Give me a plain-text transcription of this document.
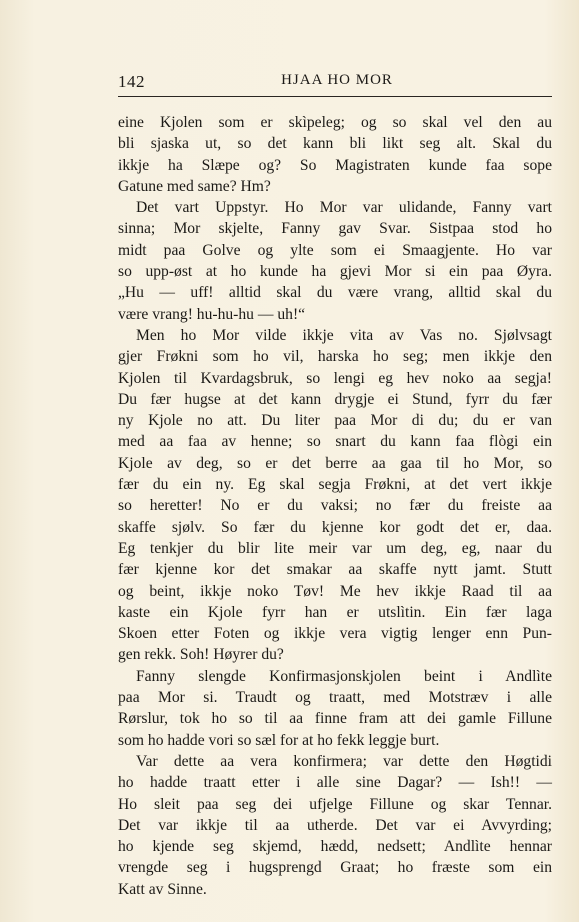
142	HJAA HO MOR
eine Kjolen som er skìpeleg; og so skal vel den au
bli sjaska ut, so det kann bli likt seg alt. Skal du
ikkje ha Slæpe og? So Magistraten kunde faa sope
Gatune med same? Hm?
Det vart Uppstyr. Ho Mor var ulidande, Fanny vart
sinna; Mor skjelte, Fanny gav Svar. Sistpaa stod ho
midt paa Golve og ylte som ei Smaagjente. Ho var
so upp-øst at ho kunde ha gjevi Mor si ein paa Øyra.
„Hu — uff! alltid skal du være vrang, alltid skal du
være vrang! hu-hu-hu — uh!“
Men ho Mor vilde ikkje vita av Vas no. Sjølvsagt
gjer Frøkni som ho vil, harska ho seg; men ikkje den
Kjolen til Kvardagsbruk, so lengi eg hev noko aa segja!
Du fær hugse at det kann drygje ei Stund, fyrr du fær
ny Kjole no att. Du liter paa Mor di du; du er van
med aa faa av henne; so snart du kann faa flògi ein
Kjole av deg, so er det berre aa gaa til ho Mor, so
fær du ein ny. Eg skal segja Frøkni, at det vert ikkje
so heretter! No er du vaksi; no fær du freiste aa
skaffe sjølv. So fær du kjenne kor godt det er, daa.
Eg tenkjer du blir lite meir var um deg, eg, naar du
fær kjenne kor det smakar aa skaffe nytt jamt. Stutt
og beint, ikkje noko Tøv! Me hev ikkje Raad til aa
kaste ein Kjole fyrr han er utslìtin. Ein fær laga
Skoen etter Foten og ikkje vera vigtig lenger enn Pun-
gen rekk. Soh! Høyrer du?
Fanny slengde Konfirmasjonskjolen beint i Andlìte
paa Mor si. Traudt og traatt, med Motstræv i alle
Rørslur, tok ho so til aa finne fram att dei gamle Fillune
som ho hadde vori so sæl for at ho fekk leggje burt.
Var dette aa vera konfirmera; var dette den Høgtidi
ho hadde traatt etter i alle sine Dagar? — Ish!! —
Ho sleit paa seg dei ufjelge Fillune og skar Tennar.
Det var ikkje til aa utherde. Det var ei Avvyrding;
ho kjende seg skjemd, hædd, nedsett; Andlìte hennar
vrengde seg i hugsprengd Graat; ho fræste som ein
Katt av Sinne.
